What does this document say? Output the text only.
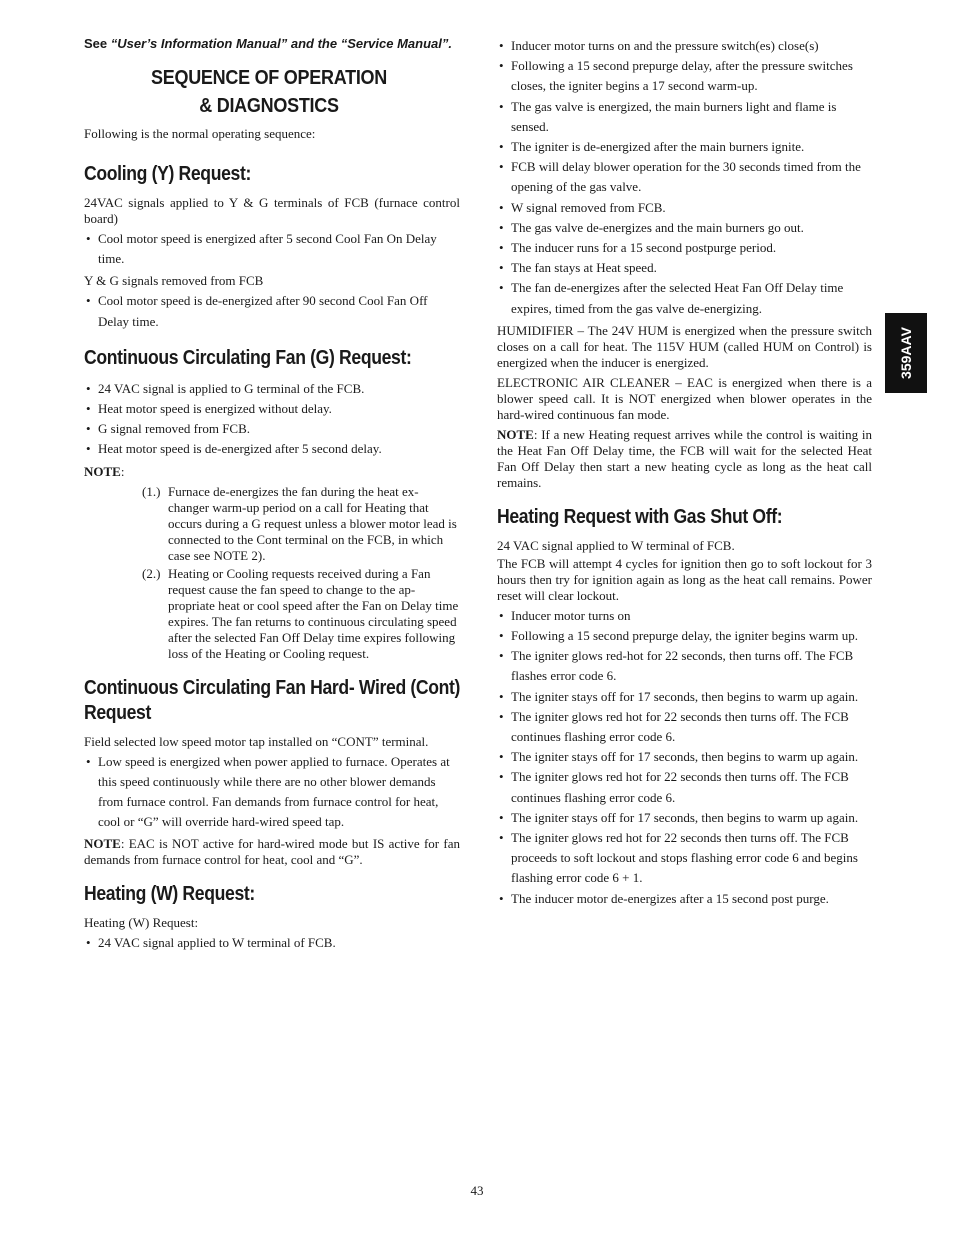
See “User’s Information Manual” and the “Service Manual”.

SEQUENCE OF OPERATION
& DIAGNOSTICS

Following is the normal operating sequence:

Cooling (Y) Request:

24VAC signals applied to Y & G terminals of FCB (furnace control board)

• Cool motor speed is energized after 5 second Cool Fan On Delay time.

Y & G signals removed from FCB

• Cool motor speed is de‐energized after 90 second Cool Fan Off Delay time.
Continuous Circulating Fan (G) Request:
• 24 VAC signal is applied to G terminal of the FCB.
• Heat motor speed is energized without delay.
• G signal removed from FCB.
• Heat motor speed is de‐energized after 5 second delay.

NOTE:

(1.) Furnace de‐energizes the fan during the heat ex- changer warm‐up period on a call for Heating that occurs during a G request unless a blower motor lead is connected to the Cont terminal on the FCB, in which case see NOTE 2).
(2.) Heating or Cooling requests received during a Fan request cause the fan speed to change to the ap- propriate heat or cool speed after the Fan on Delay time expires. The fan returns to continuous circulating speed after the selected Fan Off Delay time expires following loss of the Heating or Cooling request.
Continuous Circulating Fan Hard- Wired (Cont) Request

Field selected low speed motor tap installed on “CONT” terminal.

• Low speed is energized when power applied to furnace. Operates at this speed continuously while there are no other blower demands from furnace control. Fan demands from furnace control for heat, cool or “G” will override hard‐wired speed tap.

NOTE: EAC is NOT active for hard‐wired mode but IS active for fan demands from furnace control for heat, cool and “G”.

Heating (W) Request:

Heating (W) Request:

• 24 VAC signal applied to W terminal of FCB.
• Inducer motor turns on and the pressure switch(es) close(s)
• Following a 15 second prepurge delay, after the pressure switches closes, the igniter begins a 17 second warm‐up.
• The gas valve is energized, the main burners light and flame is sensed.
• The igniter is de‐energized after the main burners ignite.
• FCB will delay blower operation for the 30 seconds timed from the opening of the gas valve.
• W signal removed from FCB.
• The gas valve de‐energizes and the main burners go out.
• The inducer runs for a 15 second postpurge period.
• The fan stays at Heat speed.
• The fan de‐energizes after the selected Heat Fan Off Delay time expires, timed from the gas valve de‐energizing.

HUMIDIFIER – The 24V HUM is energized when the pressure switch closes on a call for heat. The 115V HUM (called HUM on Control) is energized when the inducer is energized.

ELECTRONIC AIR CLEANER – EAC is energized when there is a blower speed call. It is NOT energized when blower operates in the hard‐wired continuous fan mode.

NOTE: If a new Heating request arrives while the control is waiting in the Heat Fan Off Delay time, the FCB will wait for the selected Heat Fan Off Delay then start a new heating cycle as long as the heat call remains.

Heating Request with Gas Shut Off:

24 VAC signal applied to W terminal of FCB.

The FCB will attempt 4 cycles for ignition then go to soft lockout for 3 hours then try for ignition again as long as the heat call remains. Power reset will clear lockout.

• Inducer motor turns on
• Following a 15 second prepurge delay, the igniter begins warm up.
• The igniter glows red‐hot for 22 seconds, then turns off. The FCB flashes error code 6.
• The igniter stays off for 17 seconds, then begins to warm up again.
• The igniter glows red hot for 22 seconds then turns off. The FCB continues flashing error code 6.
• The igniter stays off for 17 seconds, then begins to warm up again.
• The igniter glows red hot for 22 seconds then turns off. The FCB continues flashing error code 6.
• The igniter stays off for 17 seconds, then begins to warm up again.
• The igniter glows red hot for 22 seconds then turns off. The FCB proceeds to soft lockout and stops flashing error code 6 and begins flashing error code 6 + 1.
• The inducer motor de‐energizes after a 15 second post purge.
359AAV
43
